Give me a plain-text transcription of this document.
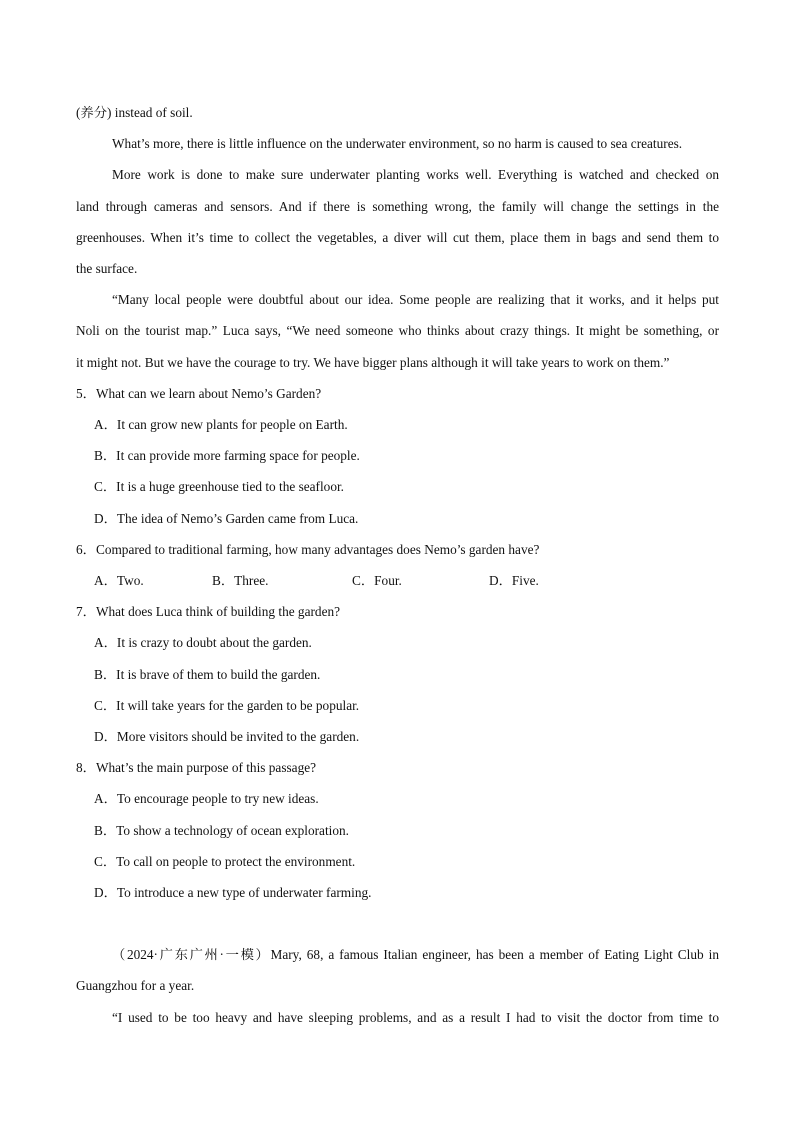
(养分) instead of soil.
What’s more, there is little influence on the underwater environment, so no harm is caused to sea creatures.
More work is done to make sure underwater planting works well. Everything is watched and checked on
land through cameras and sensors. And if there is something wrong, the family will change the settings in the
greenhouses. When it’s time to collect the vegetables, a diver will cut them, place them in bags and send them to
the surface.
“Many local people were doubtful about our idea. Some people are realizing that it works, and it helps put
Noli on the tourist map.” Luca says, “We need someone who thinks about crazy things. It might be something, or
it might not. But we have the courage to try. We have bigger plans although it will take years to work on them.”
5．What can we learn about Nemo’s Garden?
A．It can grow new plants for people on Earth.
B．It can provide more farming space for people.
C．It is a huge greenhouse tied to the seafloor.
D．The idea of Nemo’s Garden came from Luca.
6．Compared to traditional farming, how many advantages does Nemo’s garden have?
A．Two.	B．Three.	C．Four.	D．Five.
7．What does Luca think of building the garden?
A．It is crazy to doubt about the garden.
B．It is brave of them to build the garden.
C．It will take years for the garden to be popular.
D．More visitors should be invited to the garden.
8．What’s the main purpose of this passage?
A．To encourage people to try new ideas.
B．To show a technology of ocean exploration.
C．To call on people to protect the environment.
D．To introduce a new type of underwater farming.
（2024·广东广州·一模）Mary, 68, a famous Italian engineer, has been a member of Eating Light Club in
Guangzhou for a year.
“I used to be too heavy and have sleeping problems, and as a result I had to visit the doctor from time to
